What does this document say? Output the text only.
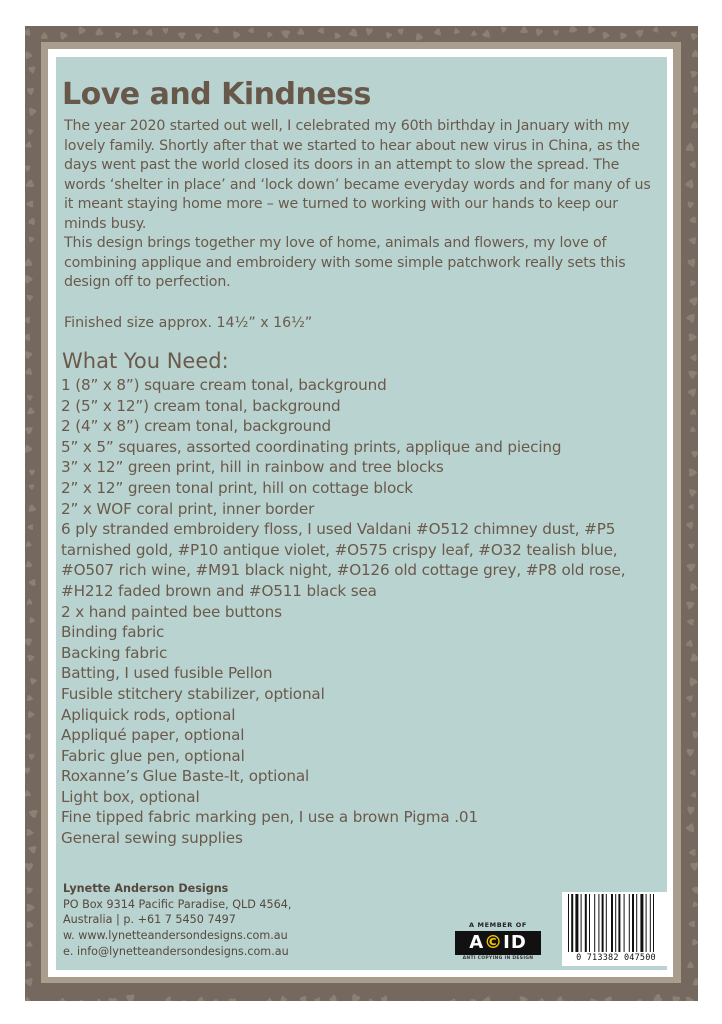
Love and Kindness

The year 2020 started out well, I celebrated my 60th birthday in January with my lovely family. Shortly after that we started to hear about new virus in China, as the days went past the world closed its doors in an attempt to slow the spread. The words ‘shelter in place’ and ‘lock down’ became everyday words and for many of us it meant staying home more – we turned to working with our hands to keep our minds busy.

This design brings together my love of home, animals and flowers, my love of combining applique and embroidery with some simple patchwork really sets this design off to perfection.

Finished size approx. 14½” x 16½”
What You Need:
1 (8” x 8”) square cream tonal, background
2 (5” x 12”) cream tonal, background
2 (4” x 8”) cream tonal, background
5” x 5” squares, assorted coordinating prints, applique and piecing
3” x 12” green print, hill in rainbow and tree blocks
2” x 12” green tonal print, hill on cottage block
2” x WOF coral print, inner border
6 ply stranded embroidery floss, I used Valdani #O512 chimney dust, #P5 tarnished gold, #P10 antique violet, #O575 crispy leaf, #O32 tealish blue, #O507 rich wine, #M91 black night, #O126 old cottage grey, #P8 old rose, #H212 faded brown and #O511 black sea
2 x hand painted bee buttons
Binding fabric
Backing fabric
Batting, I used fusible Pellon
Fusible stitchery stabilizer, optional
Apliquick rods, optional
Appliqué paper, optional
Fabric glue pen, optional
Roxanne’s Glue Baste-It, optional
Light box, optional
Fine tipped fabric marking pen, I use a brown Pigma .01
General sewing supplies
Lynette Anderson Designs
PO Box 9314 Pacific Paradise, QLD 4564,
Australia | p. +61 7 5450 7497
w. www.lynetteandersondesigns.com.au
e. info@lynetteandersondesigns.com.au
A MEMBER OF
A©ID
ANTI COPYING IN DESIGN	0 713382 047500
